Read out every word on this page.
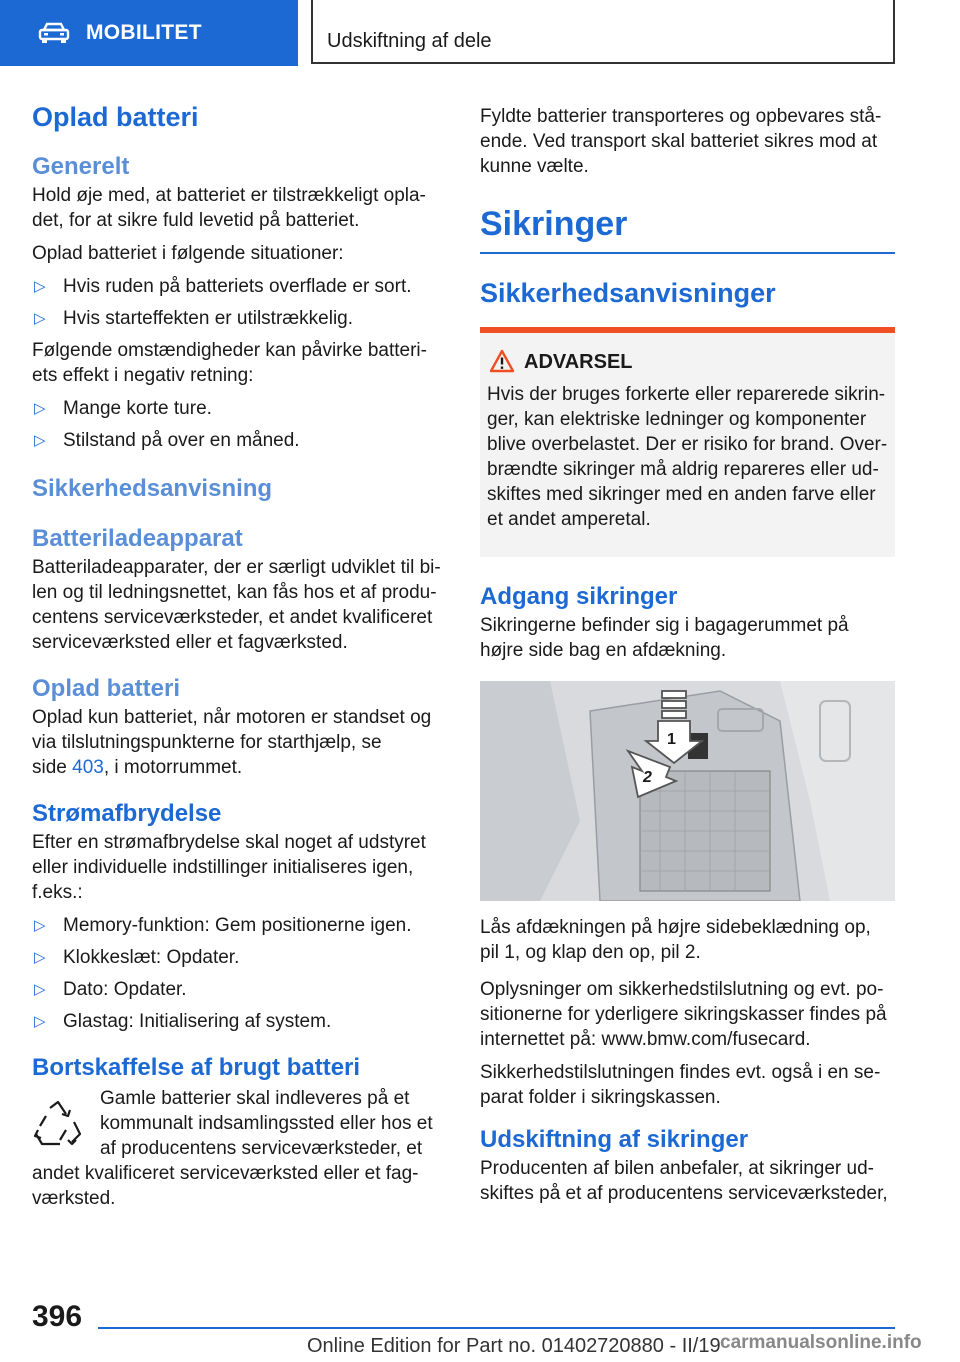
MOBILITET	Udskiftning af dele
Oplad batteri
Generelt

Hold øje med, at batteriet er tilstrækkeligt opla-
det, for at sikre fuld levetid på batteriet.

Oplad batteriet i følgende situationer:

▷ Hvis ruden på batteriets overflade er sort.
▷ Hvis starteffekten er utilstrækkelig.

Følgende omstændigheder kan påvirke batteri-
ets effekt i negativ retning:

▷ Mange korte ture.
▷ Stilstand på over en måned.
Sikkerhedsanvisning
Batteriladeapparat

Batteriladeapparater, der er særligt udviklet til bi-
len og til ledningsnettet, kan fås hos et af produ-
centens serviceværksteder, et andet kvalificeret
serviceværksted eller et fagværksted.

Oplad batteri

Oplad kun batteriet, når motoren er standset og
via tilslutningspunkterne for starthjælp, se
side 403, i motorrummet.

Strømafbrydelse

Efter en strømafbrydelse skal noget af udstyret
eller individuelle indstillinger initialiseres igen,
f.eks.:

▷ Memory-funktion: Gem positionerne igen.
▷ Klokkeslæt: Opdater.
▷ Dato: Opdater.
▷ Glastag: Initialisering af system.
Bortskaffelse af brugt batteri

Gamle batterier skal indleveres på et
kommunalt indsamlingssted eller hos et
af producentens serviceværksteder, et

andet kvalificeret serviceværksted eller et fag-
værksted.

Fyldte batterier transporteres og opbevares stå-
ende. Ved transport skal batteriet sikres mod at
kunne vælte.

Sikringer
Sikkerhedsanvisninger
ADVARSEL

Hvis der bruges forkerte eller reparerede sikrin-
ger, kan elektriske ledninger og komponenter
blive overbelastet. Der er risiko for brand. Over-
brændte sikringer må aldrig repareres eller ud-
skiftes med sikringer med en anden farve eller
et andet amperetal.

Adgang sikringer

Sikringerne befinder sig i bagagerummet på
højre side bag en afdækning.

1
2

Lås afdækningen på højre sidebeklædning op,
pil 1, og klap den op, pil 2.

Oplysninger om sikkerhedstilslutning og evt. po-
sitionerne for yderligere sikringskasser findes på
internettet på: www.bmw.com/fusecard.

Sikkerhedstilslutningen findes evt. også i en se-
parat folder i sikringskassen.

Udskiftning af sikringer

Producenten af bilen anbefaler, at sikringer ud-
skiftes på et af producentens serviceværksteder,

396
Online Edition for Part no. 01402720880 - II/19 carmanualsonline.info
